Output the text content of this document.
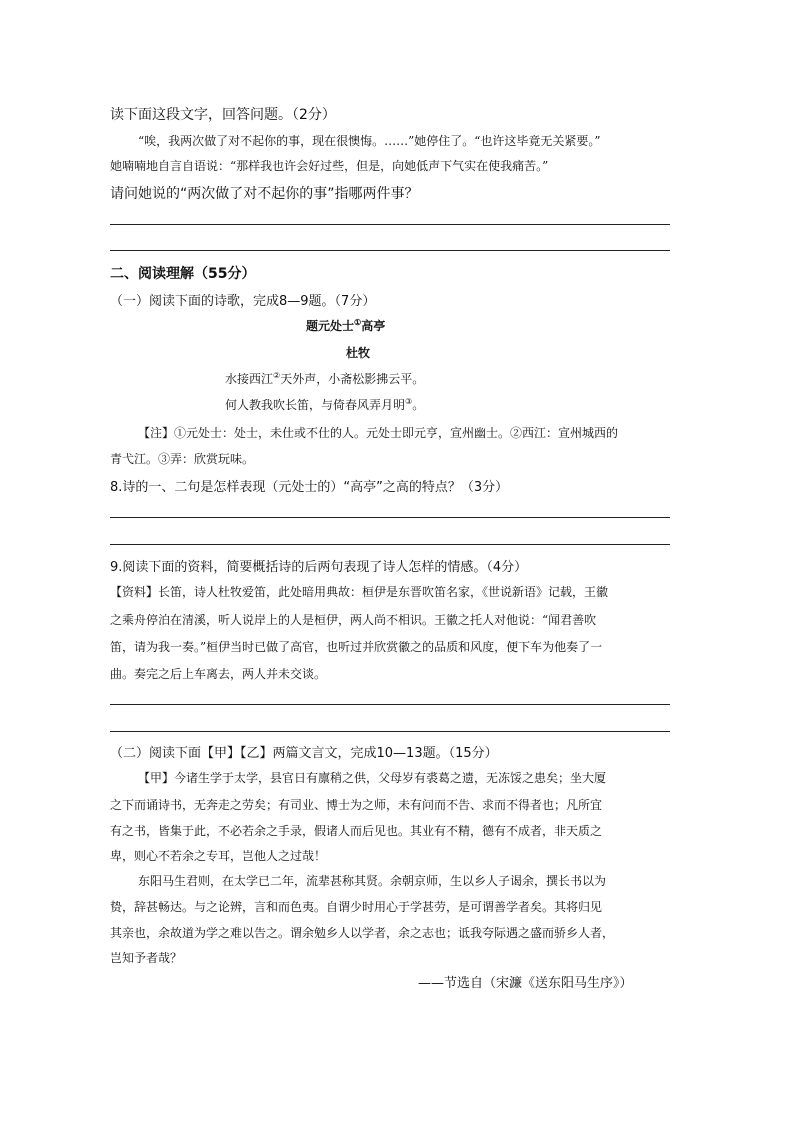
读下面这段文字，回答问题。（2分）
“唉，我两次做了对不起你的事，现在很懊悔。……”她停住了。“也许这毕竟无关紧要。”
她喃喃地自言自语说：“那样我也许会好过些，但是，向她低声下气实在使我痛苦。”
请问她说的“两次做了对不起你的事”指哪两件事？
二、阅读理解（55分）
（一）阅读下面的诗歌，完成8—9题。（7分）
题元处士①高亭
杜牧
水接西江②天外声，小斋松影拂云平。
何人教我吹长笛，与倚春风弄月明③。
【注】①元处士：处士，未仕或不仕的人。元处士即元亨，宣州幽士。②西江：宣州城西的
青弋江。③弄：欣赏玩味。
8.诗的一、二句是怎样表现（元处士的）“高亭”之高的特点？（3分）
9.阅读下面的资料，简要概括诗的后两句表现了诗人怎样的情感。（4分）
【资料】长笛，诗人杜牧爱笛，此处暗用典故：桓伊是东晋吹笛名家，《世说新语》记载，王徽
之乘舟停泊在清溪，听人说岸上的人是桓伊，两人尚不相识。王徽之托人对他说：“闻君善吹
笛，请为我一奏。”桓伊当时已做了高官，也听过并欣赏徽之的品质和风度，便下车为他奏了一
曲。奏完之后上车离去，两人并未交谈。
（二）阅读下面【甲】【乙】两篇文言文，完成10—13题。（15分）
【甲】今诸生学于太学，县官日有廪稍之供，父母岁有裘葛之遗，无冻馁之患矣；坐大厦
之下而诵诗书，无奔走之劳矣；有司业、博士为之师，未有问而不告、求而不得者也；凡所宜
有之书，皆集于此，不必若余之手录，假诸人而后见也。其业有不精，德有不成者，非天质之
卑，则心不若余之专耳，岂他人之过哉！
东阳马生君则，在太学已二年，流辈甚称其贤。余朝京师，生以乡人子谒余，撰长书以为
贽，辞甚畅达。与之论辨，言和而色夷。自谓少时用心于学甚劳，是可谓善学者矣。其将归见
其亲也，余故道为学之难以告之。谓余勉乡人以学者，余之志也；诋我夸际遇之盛而骄乡人者，
岂知予者哉？
——节选自（宋濂《送东阳马生序》）
